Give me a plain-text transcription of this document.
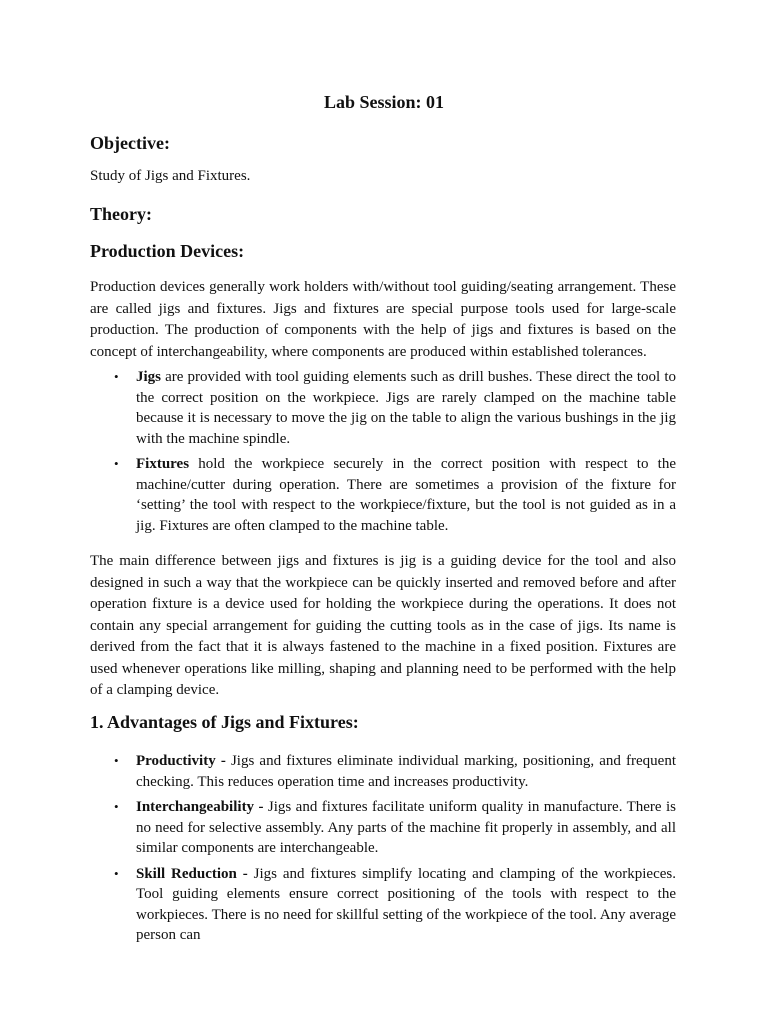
Lab Session: 01
Objective:

Study of Jigs and Fixtures.

Theory:
Production Devices:

Production devices generally work holders with/without tool guiding/seating arrangement. These are called jigs and fixtures. Jigs and fixtures are special purpose tools used for large-scale production. The production of components with the help of jigs and fixtures is based on the concept of interchangeability, where components are produced within established tolerances.

• Jigs are provided with tool guiding elements such as drill bushes. These direct the tool to the correct position on the workpiece. Jigs are rarely clamped on the machine table because it is necessary to move the jig on the table to align the various bushings in the jig with the machine spindle.
• Fixtures hold the workpiece securely in the correct position with respect to the machine/cutter during operation. There are sometimes a provision of the fixture for ‘setting’ the tool with respect to the workpiece/fixture, but the tool is not guided as in a jig. Fixtures are often clamped to the machine table.

The main difference between jigs and fixtures is jig is a guiding device for the tool and also designed in such a way that the workpiece can be quickly inserted and removed before and after operation fixture is a device used for holding the workpiece during the operations. It does not contain any special arrangement for guiding the cutting tools as in the case of jigs. Its name is derived from the fact that it is always fastened to the machine in a fixed position. Fixtures are used whenever operations like milling, shaping and planning need to be performed with the help of a clamping device.

1. Advantages of Jigs and Fixtures:
• Productivity - Jigs and fixtures eliminate individual marking, positioning, and frequent checking. This reduces operation time and increases productivity.
• Interchangeability - Jigs and fixtures facilitate uniform quality in manufacture. There is no need for selective assembly. Any parts of the machine fit properly in assembly, and all similar components are interchangeable.
• Skill Reduction - Jigs and fixtures simplify locating and clamping of the workpieces. Tool guiding elements ensure correct positioning of the tools with respect to the workpieces. There is no need for skillful setting of the workpiece of the tool. Any average person can
